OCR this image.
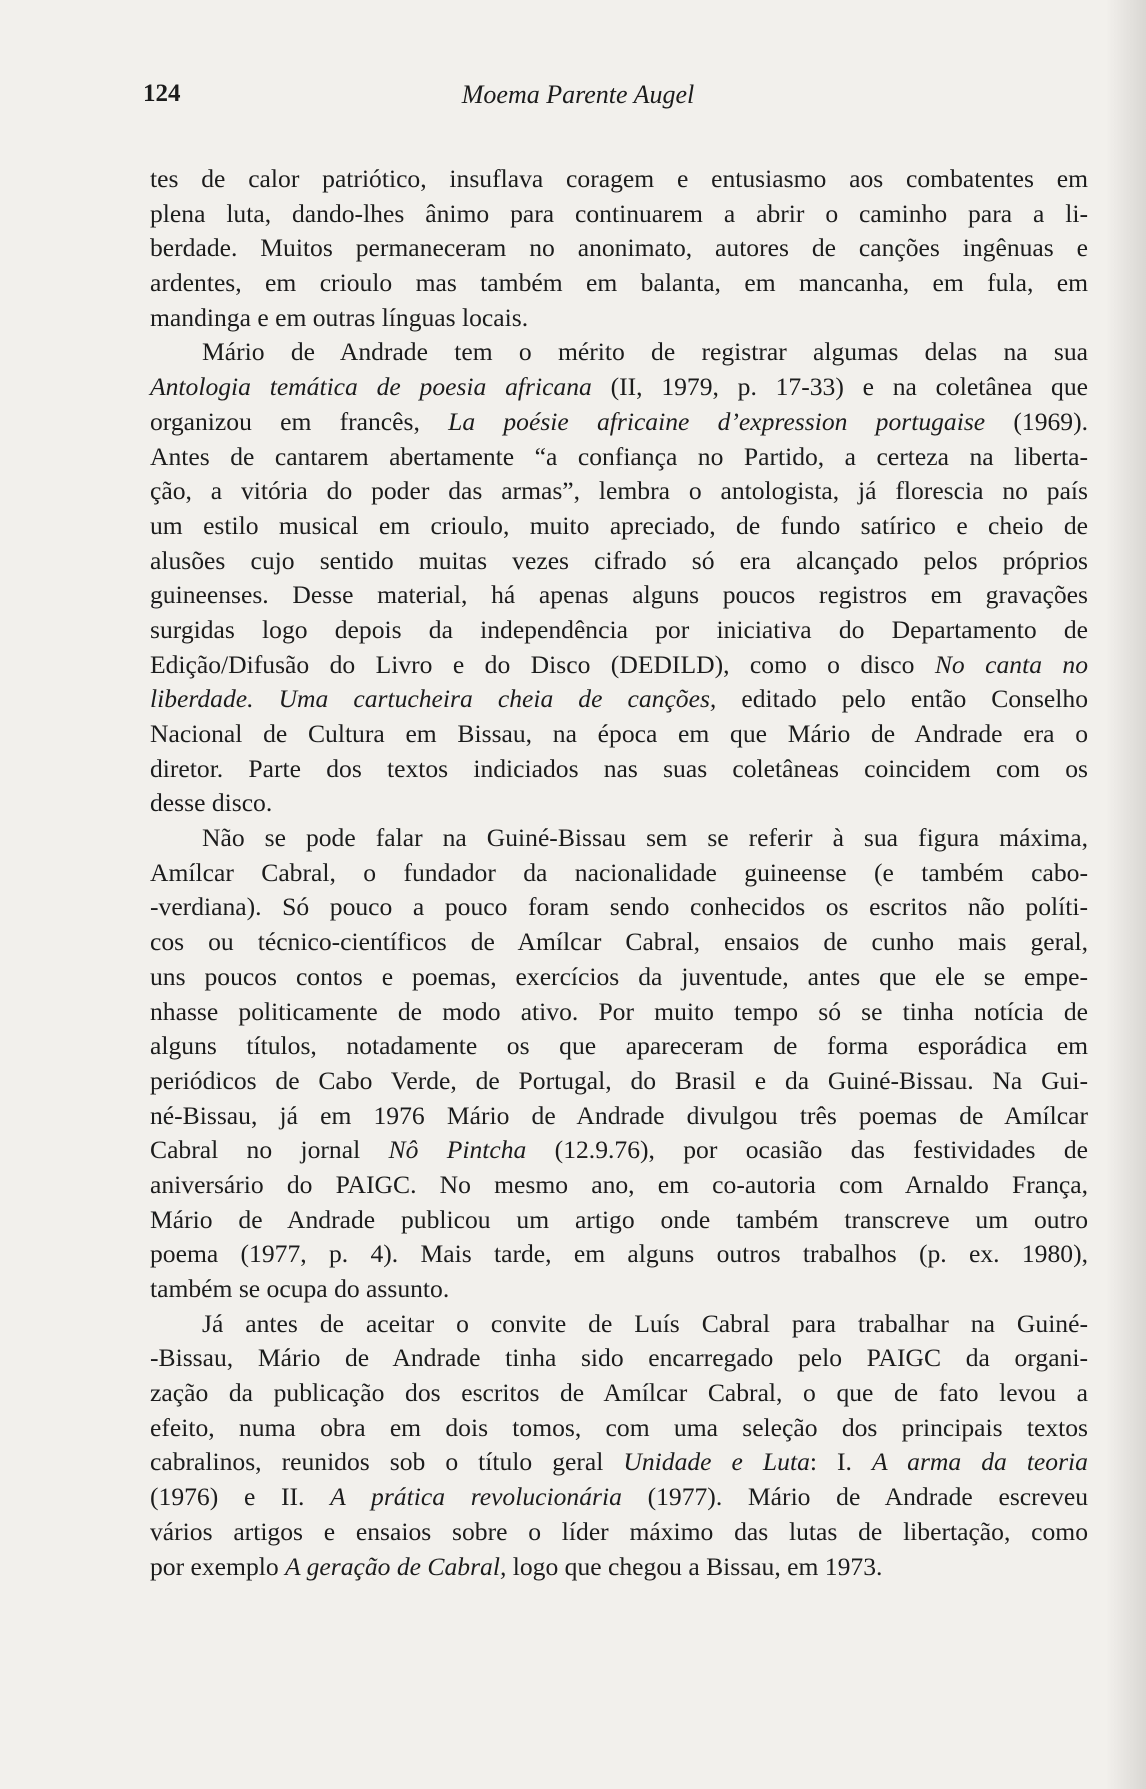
124	Moema Parente Augel
tes de calor patriótico, insuflava coragem e entusiasmo aos combatentes em
plena luta, dando-lhes ânimo para continuarem a abrir o caminho para a li-
berdade. Muitos permaneceram no anonimato, autores de canções ingênuas e
ardentes, em crioulo mas também em balanta, em mancanha, em fula, em
mandinga e em outras línguas locais.
Mário de Andrade tem o mérito de registrar algumas delas na sua
Antologia temática de poesia africana (II, 1979, p. 17-33) e na coletânea que
organizou em francês, La poésie africaine d’expression portugaise (1969).
Antes de cantarem abertamente “a confiança no Partido, a certeza na liberta-
ção, a vitória do poder das armas”, lembra o antologista, já florescia no país
um estilo musical em crioulo, muito apreciado, de fundo satírico e cheio de
alusões cujo sentido muitas vezes cifrado só era alcançado pelos próprios
guineenses. Desse material, há apenas alguns poucos registros em gravações
surgidas logo depois da independência por iniciativa do Departamento de
Edição/Difusão do Livro e do Disco (DEDILD), como o disco No canta no
liberdade. Uma cartucheira cheia de canções, editado pelo então Conselho
Nacional de Cultura em Bissau, na época em que Mário de Andrade era o
diretor. Parte dos textos indiciados nas suas coletâneas coincidem com os
desse disco.
Não se pode falar na Guiné-Bissau sem se referir à sua figura máxima,
Amílcar Cabral, o fundador da nacionalidade guineense (e também cabo-
-verdiana). Só pouco a pouco foram sendo conhecidos os escritos não políti-
cos ou técnico-científicos de Amílcar Cabral, ensaios de cunho mais geral,
uns poucos contos e poemas, exercícios da juventude, antes que ele se empe-
nhasse politicamente de modo ativo. Por muito tempo só se tinha notícia de
alguns títulos, notadamente os que apareceram de forma esporádica em
periódicos de Cabo Verde, de Portugal, do Brasil e da Guiné-Bissau. Na Gui-
né-Bissau, já em 1976 Mário de Andrade divulgou três poemas de Amílcar
Cabral no jornal Nô Pintcha (12.9.76), por ocasião das festividades de
aniversário do PAIGC. No mesmo ano, em co-autoria com Arnaldo França,
Mário de Andrade publicou um artigo onde também transcreve um outro
poema (1977, p. 4). Mais tarde, em alguns outros trabalhos (p. ex. 1980),
também se ocupa do assunto.
Já antes de aceitar o convite de Luís Cabral para trabalhar na Guiné-
-Bissau, Mário de Andrade tinha sido encarregado pelo PAIGC da organi-
zação da publicação dos escritos de Amílcar Cabral, o que de fato levou a
efeito, numa obra em dois tomos, com uma seleção dos principais textos
cabralinos, reunidos sob o título geral Unidade e Luta: I. A arma da teoria
(1976) e II. A prática revolucionária (1977). Mário de Andrade escreveu
vários artigos e ensaios sobre o líder máximo das lutas de libertação, como
por exemplo A geração de Cabral, logo que chegou a Bissau, em 1973.
